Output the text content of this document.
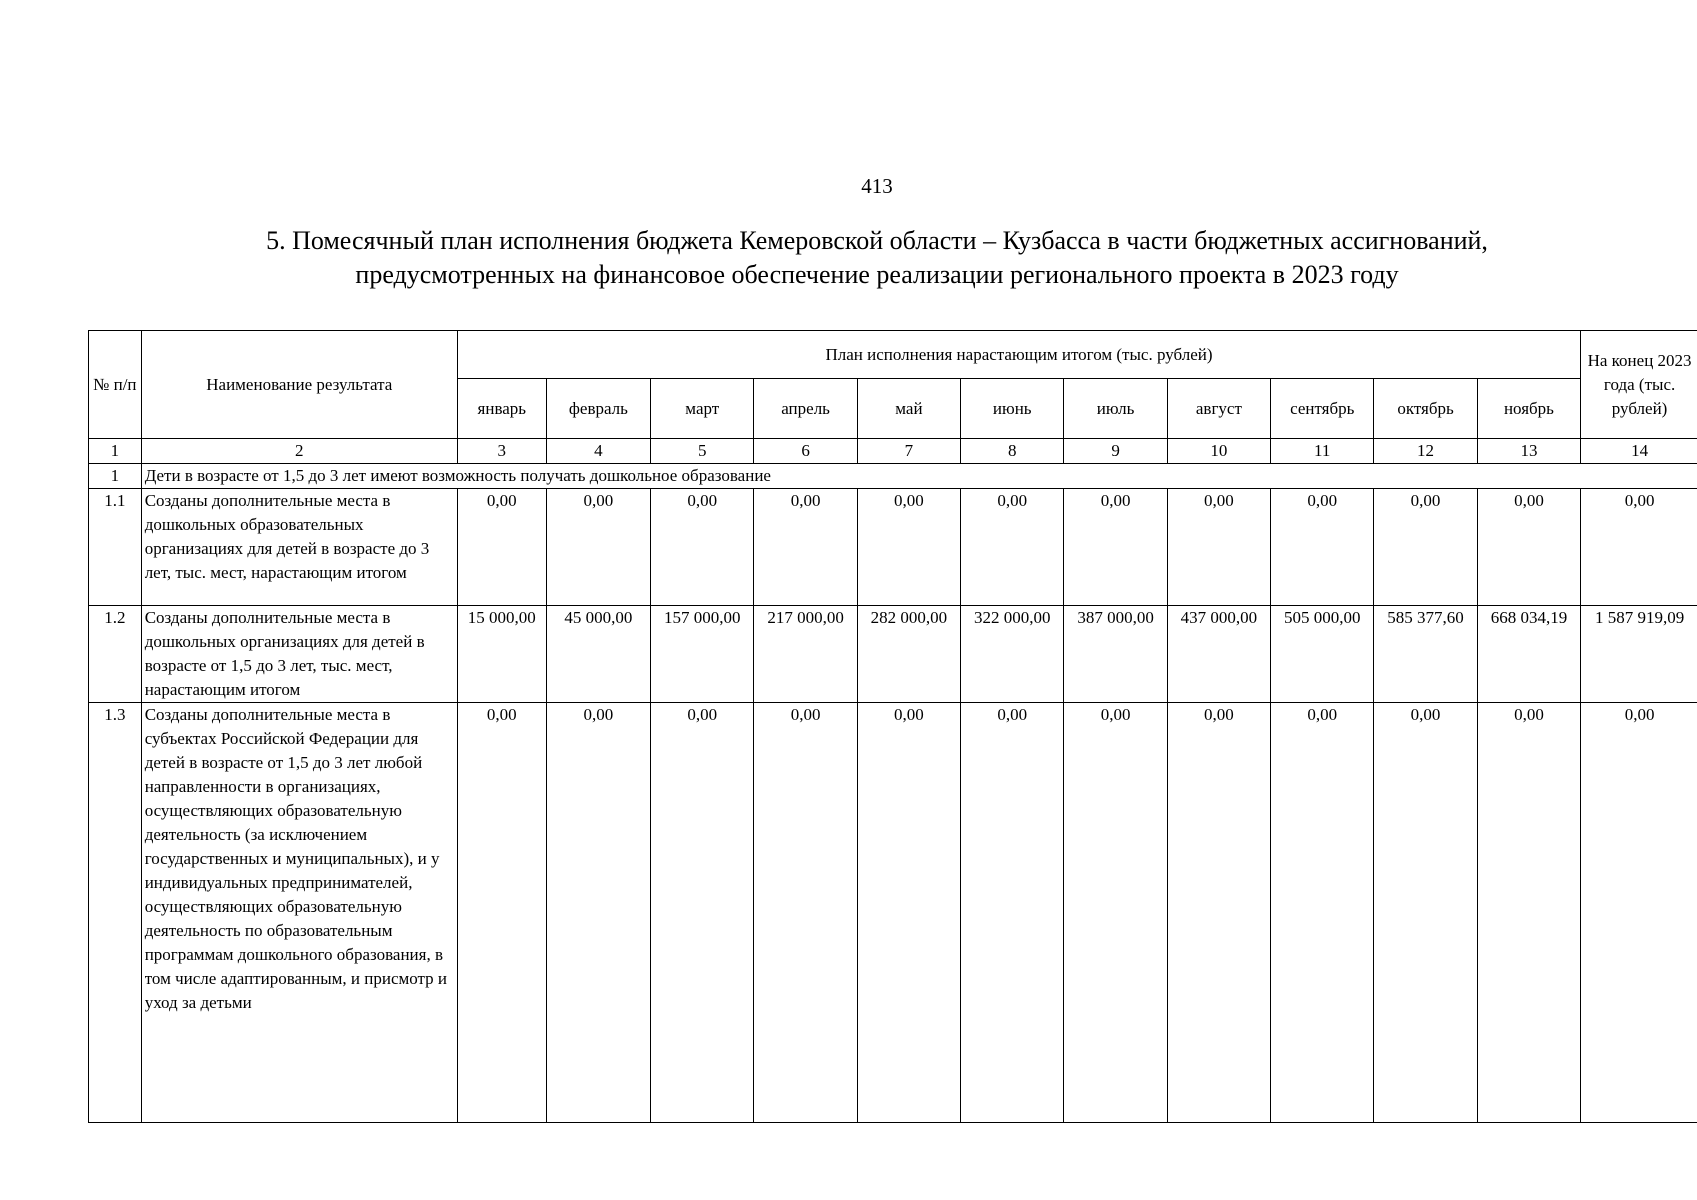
413
5. Помесячный план исполнения бюджета Кемеровской области – Кузбасса в части бюджетных ассигнований,
предусмотренных на финансовое обеспечение реализации регионального проекта в 2023 году
№ п/п	Наименование результата	План исполнения нарастающим итогом (тыс. рублей)											На конец 2023 года (тыс. рублей)
		январь	февраль	март	апрель	май	июнь	июль	август	сентябрь	октябрь	ноябрь	
1	2	3	4	5	6	7	8	9	10	11	12	13	14
1	Дети в возрасте от 1,5 до 3 лет имеют возможность получать дошкольное образование												
1.1	Созданы дополнительные места в дошкольных образовательных организациях для детей в возрасте до 3 лет, тыс. мест, нарастающим итогом	0,00	0,00	0,00	0,00	0,00	0,00	0,00	0,00	0,00	0,00	0,00	0,00
1.2	Созданы дополнительные места в дошкольных организациях для детей в возрасте от 1,5 до 3 лет, тыс. мест, нарастающим итогом	15 000,00	45 000,00	157 000,00	217 000,00	282 000,00	322 000,00	387 000,00	437 000,00	505 000,00	585 377,60	668 034,19	1 587 919,09
1.3	Созданы дополнительные места в субъектах Российской Федерации для детей в возрасте от 1,5 до 3 лет любой направленности в организациях, осуществляющих образовательную деятельность (за исключением государственных и муниципальных), и у индивидуальных предпринимателей, осуществляющих образовательную деятельность по образовательным программам дошкольного образования, в том числе адаптированным, и присмотр и уход за детьми	0,00	0,00	0,00	0,00	0,00	0,00	0,00	0,00	0,00	0,00	0,00	0,00
